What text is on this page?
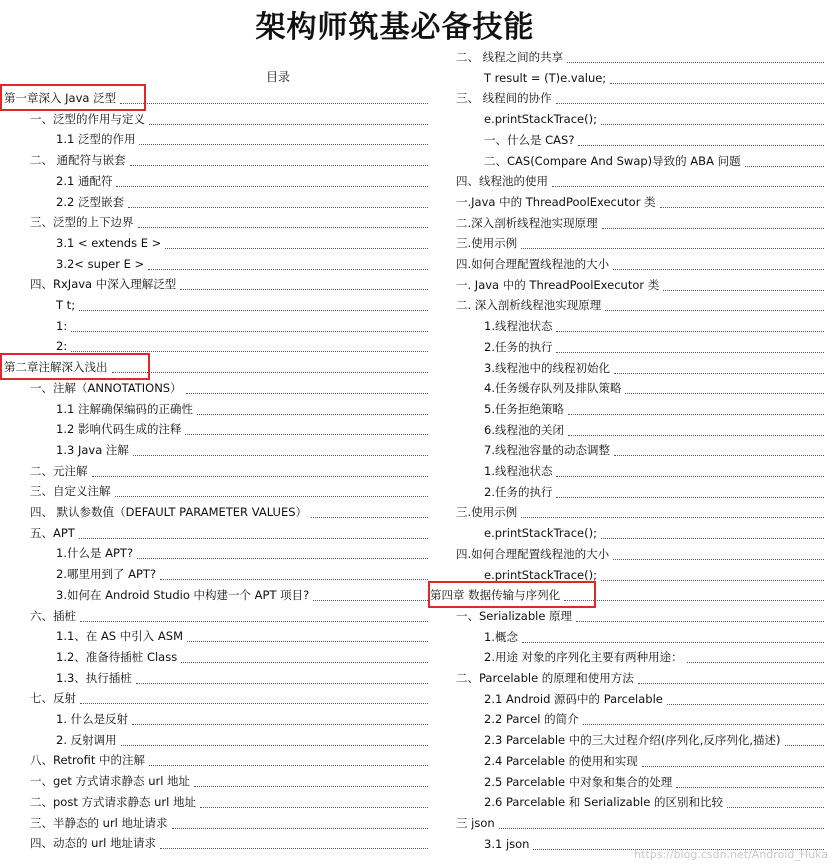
架构师筑基必备技能
目录
第一章深入 Java 泛型
一、泛型的作用与定义
1.1 泛型的作用
二、 通配符与嵌套
2.1 通配符
2.2 泛型嵌套
三、泛型的上下边界
3.1 < extends E >
3.2< super E >
四、RxJava 中深入理解泛型
T t;
1:
2:
第二章注解深入浅出
一、注解（ANNOTATIONS）
1.1 注解确保编码的正确性
1.2 影响代码生成的注释
1.3 Java 注解
二、元注解
三、自定义注解
四、 默认参数值（DEFAULT PARAMETER VALUES）
五、APT
1.什么是 APT?
2.哪里用到了 APT?
3.如何在 Android Studio 中构建一个 APT 项目?
六、插桩
1.1、在 AS 中引入 ASM
1.2、准备待插桩 Class
1.3、执行插桩
七、反射
1. 什么是反射
2. 反射调用
八、Retrofit 中的注解
一、get 方式请求静态 url 地址
二、post 方式请求静态 url 地址
三、半静态的 url 地址请求
四、动态的 url 地址请求
二、 线程之间的共享
T result = (T)e.value;
三、 线程间的协作
e.printStackTrace();
一、什么是 CAS?
二、CAS(Compare And Swap)导致的 ABA 问题
四、线程池的使用
一.Java 中的 ThreadPoolExecutor 类
二.深入剖析线程池实现原理
三.使用示例
四.如何合理配置线程池的大小
一. Java 中的 ThreadPoolExecutor 类
二. 深入剖析线程池实现原理
1.线程池状态
2.任务的执行
3.线程池中的线程初始化
4.任务缓存队列及排队策略
5.任务拒绝策略
6.线程池的关闭
7.线程池容量的动态调整
1.线程池状态
2.任务的执行
三.使用示例
e.printStackTrace();
四.如何合理配置线程池的大小
e.printStackTrace();
第四章 数据传输与序列化
一、Serializable 原理
1.概念
2.用途 对象的序列化主要有两种用途：
二、Parcelable 的原理和使用方法
2.1 Android 源码中的 Parcelable
2.2 Parcel 的简介
2.3 Parcelable 中的三大过程介绍(序列化,反序列化,描述)
2.4 Parcelable 的使用和实现
2.5 Parcelable 中对象和集合的处理
2.6 Parcelable 和 Serializable 的区别和比较
三 json
3.1 json
https://blog.csdn.net/Android_Huka
